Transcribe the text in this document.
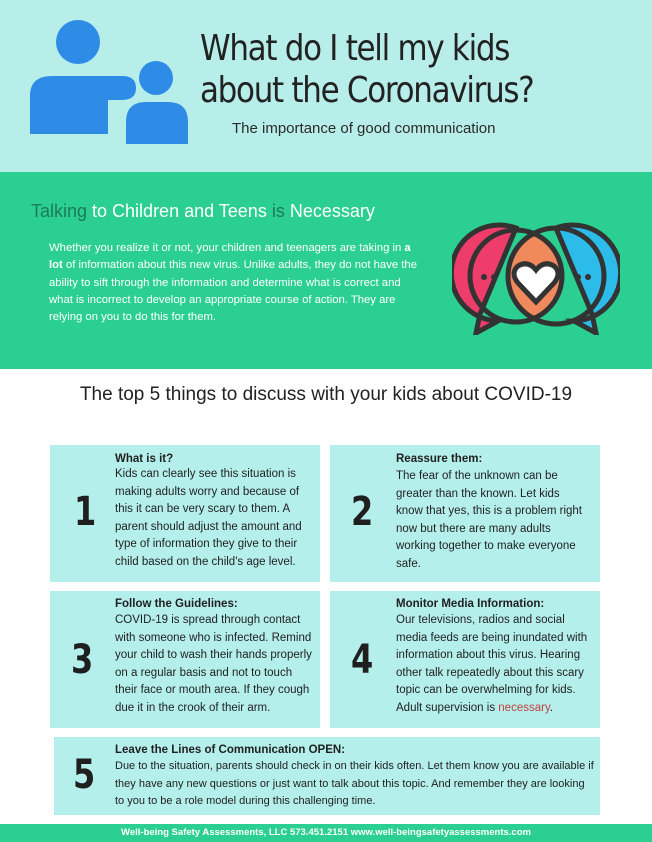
What do I tell my kids
about the Coronavirus?
The importance of good communication
Talking to Children and Teens is Necessary
Whether you realize it or not, your children and teenagers are taking in a lot of information about this new virus. Unlike adults, they do not have the ability to sift through the information and determine what is correct and what is incorrect to develop an appropriate course of action. They are relying on you to do this for them.
The top 5 things to discuss with your kids about COVID-19
1
What is it?
Kids can clearly see this situation is making adults worry and because of this it can be very scary to them. A parent should adjust the amount and type of information they give to their child based on the child's age level.
2
Reassure them:
The fear of the unknown can be greater than the known. Let kids know that yes, this is a problem right now but there are many adults working together to make everyone safe.
3
Follow the Guidelines:
COVID-19 is spread through contact with someone who is infected. Remind your child to wash their hands properly on a regular basis and not to touch their face or mouth area. If they cough due it in the crook of their arm.
4
Monitor Media Information:
Our televisions, radios and social media feeds are being inundated with information about this virus. Hearing other talk repeatedly about this scary topic can be overwhelming for kids. Adult supervision is necessary.
5
Leave the Lines of Communication OPEN:
Due to the situation, parents should check in on their kids often. Let them know you are available if they have any new questions or just want to talk about this topic. And remember they are looking to you to be a role model during this challenging time.
Well-being Safety Assessments, LLC 573.451.2151 www.well-beingsafetyassessments.com
